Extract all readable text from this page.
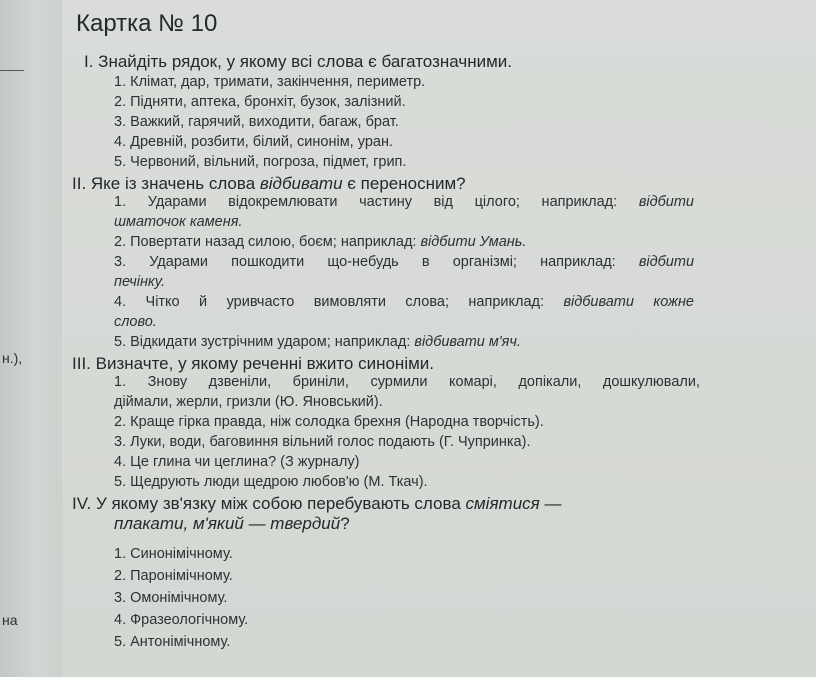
н.),
на
Картка № 10
I. Знайдіть рядок, у якому всі слова є багатозначними.
1. Клімат, дар, тримати, закінчення, периметр.
2. Підняти, аптека, бронхіт, бузок, залізний.
3. Важкий, гарячий, виходити, багаж, брат.
4. Древній, розбити, білий, синонім, уран.
5. Червоний, вільний, погроза, підмет, грип.
II. Яке із значень слова відбивати є переносним?
1. Ударами відокремлювати частину від цілого; наприклад: відбити
шматочок каменя.
2. Повертати назад силою, боєм; наприклад: відбити Умань.
3. Ударами пошкодити що-небудь в організмі; наприклад: відбити
печінку.
4. Чітко й уривчасто вимовляти слова; наприклад: відбивати кожне
слово.
5. Відкидати зустрічним ударом; наприклад: відбивати м'яч.
III. Визначте, у якому реченні вжито синоніми.
1. Знову дзвеніли, бриніли, сурмили комарі, допікали, дошкулювали,
діймали, жерли, гризли (Ю. Яновський).
2. Краще гірка правда, ніж солодка брехня (Народна творчість).
3. Луки, води, баговиння вільний голос подають (Г. Чупринка).
4. Це глина чи цеглина? (З журналу)
5. Щедрують люди щедрою любов'ю (М. Ткач).
IV. У якому зв'язку між собою перебувають слова сміятися —
плакати, м'який — твердий?
1. Синонімічному.
2. Паронімічному.
3. Омонімічному.
4. Фразеологічному.
5. Антонімічному.
